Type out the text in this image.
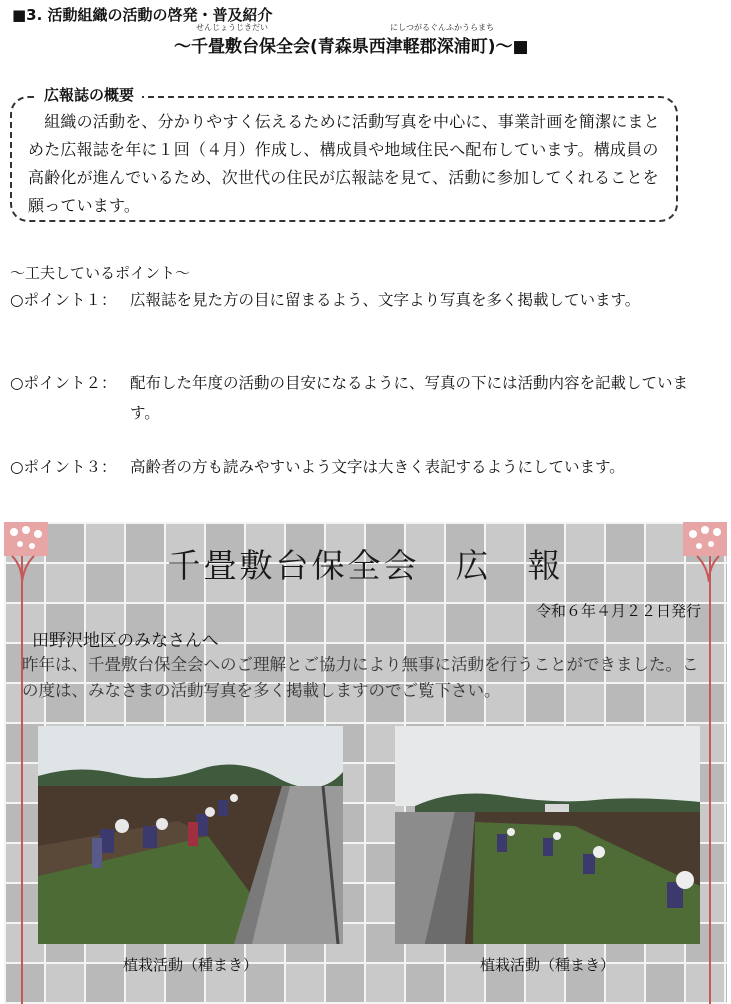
■3. 活動組織の活動の啓発・普及紹介
せんじょうじきだい	にしつがるぐんふかうらまち
～千畳敷台保全会(青森県西津軽郡深浦町)～■
広報誌の概要
　組織の活動を、分かりやすく伝えるために活動写真を中心に、事業計画を簡潔にまとめた広報誌を年に１回（４月）作成し、構成員や地域住民へ配布しています。構成員の高齢化が進んでいるため、次世代の住民が広報誌を見て、活動に参加してくれることを願っています。
～工夫しているポイント～
○ポイント１： 広報誌を見た方の目に留まるよう、文字より写真を多く掲載しています。
○ポイント２： 配布した年度の活動の目安になるように、写真の下には活動内容を記載しています。
○ポイント３： 高齢者の方も読みやすいよう文字は大きく表記するようにしています。
千畳敷台保全会　広　報
令和６年４月２２日発行
田野沢地区のみなさんへ
昨年は、千畳敷台保全会へのご理解とご協力により無事に活動を行うことができました。この度は、みなさまの活動写真を多く掲載しますのでご覧下さい。
植栽活動（種まき）	植栽活動（種まき）
